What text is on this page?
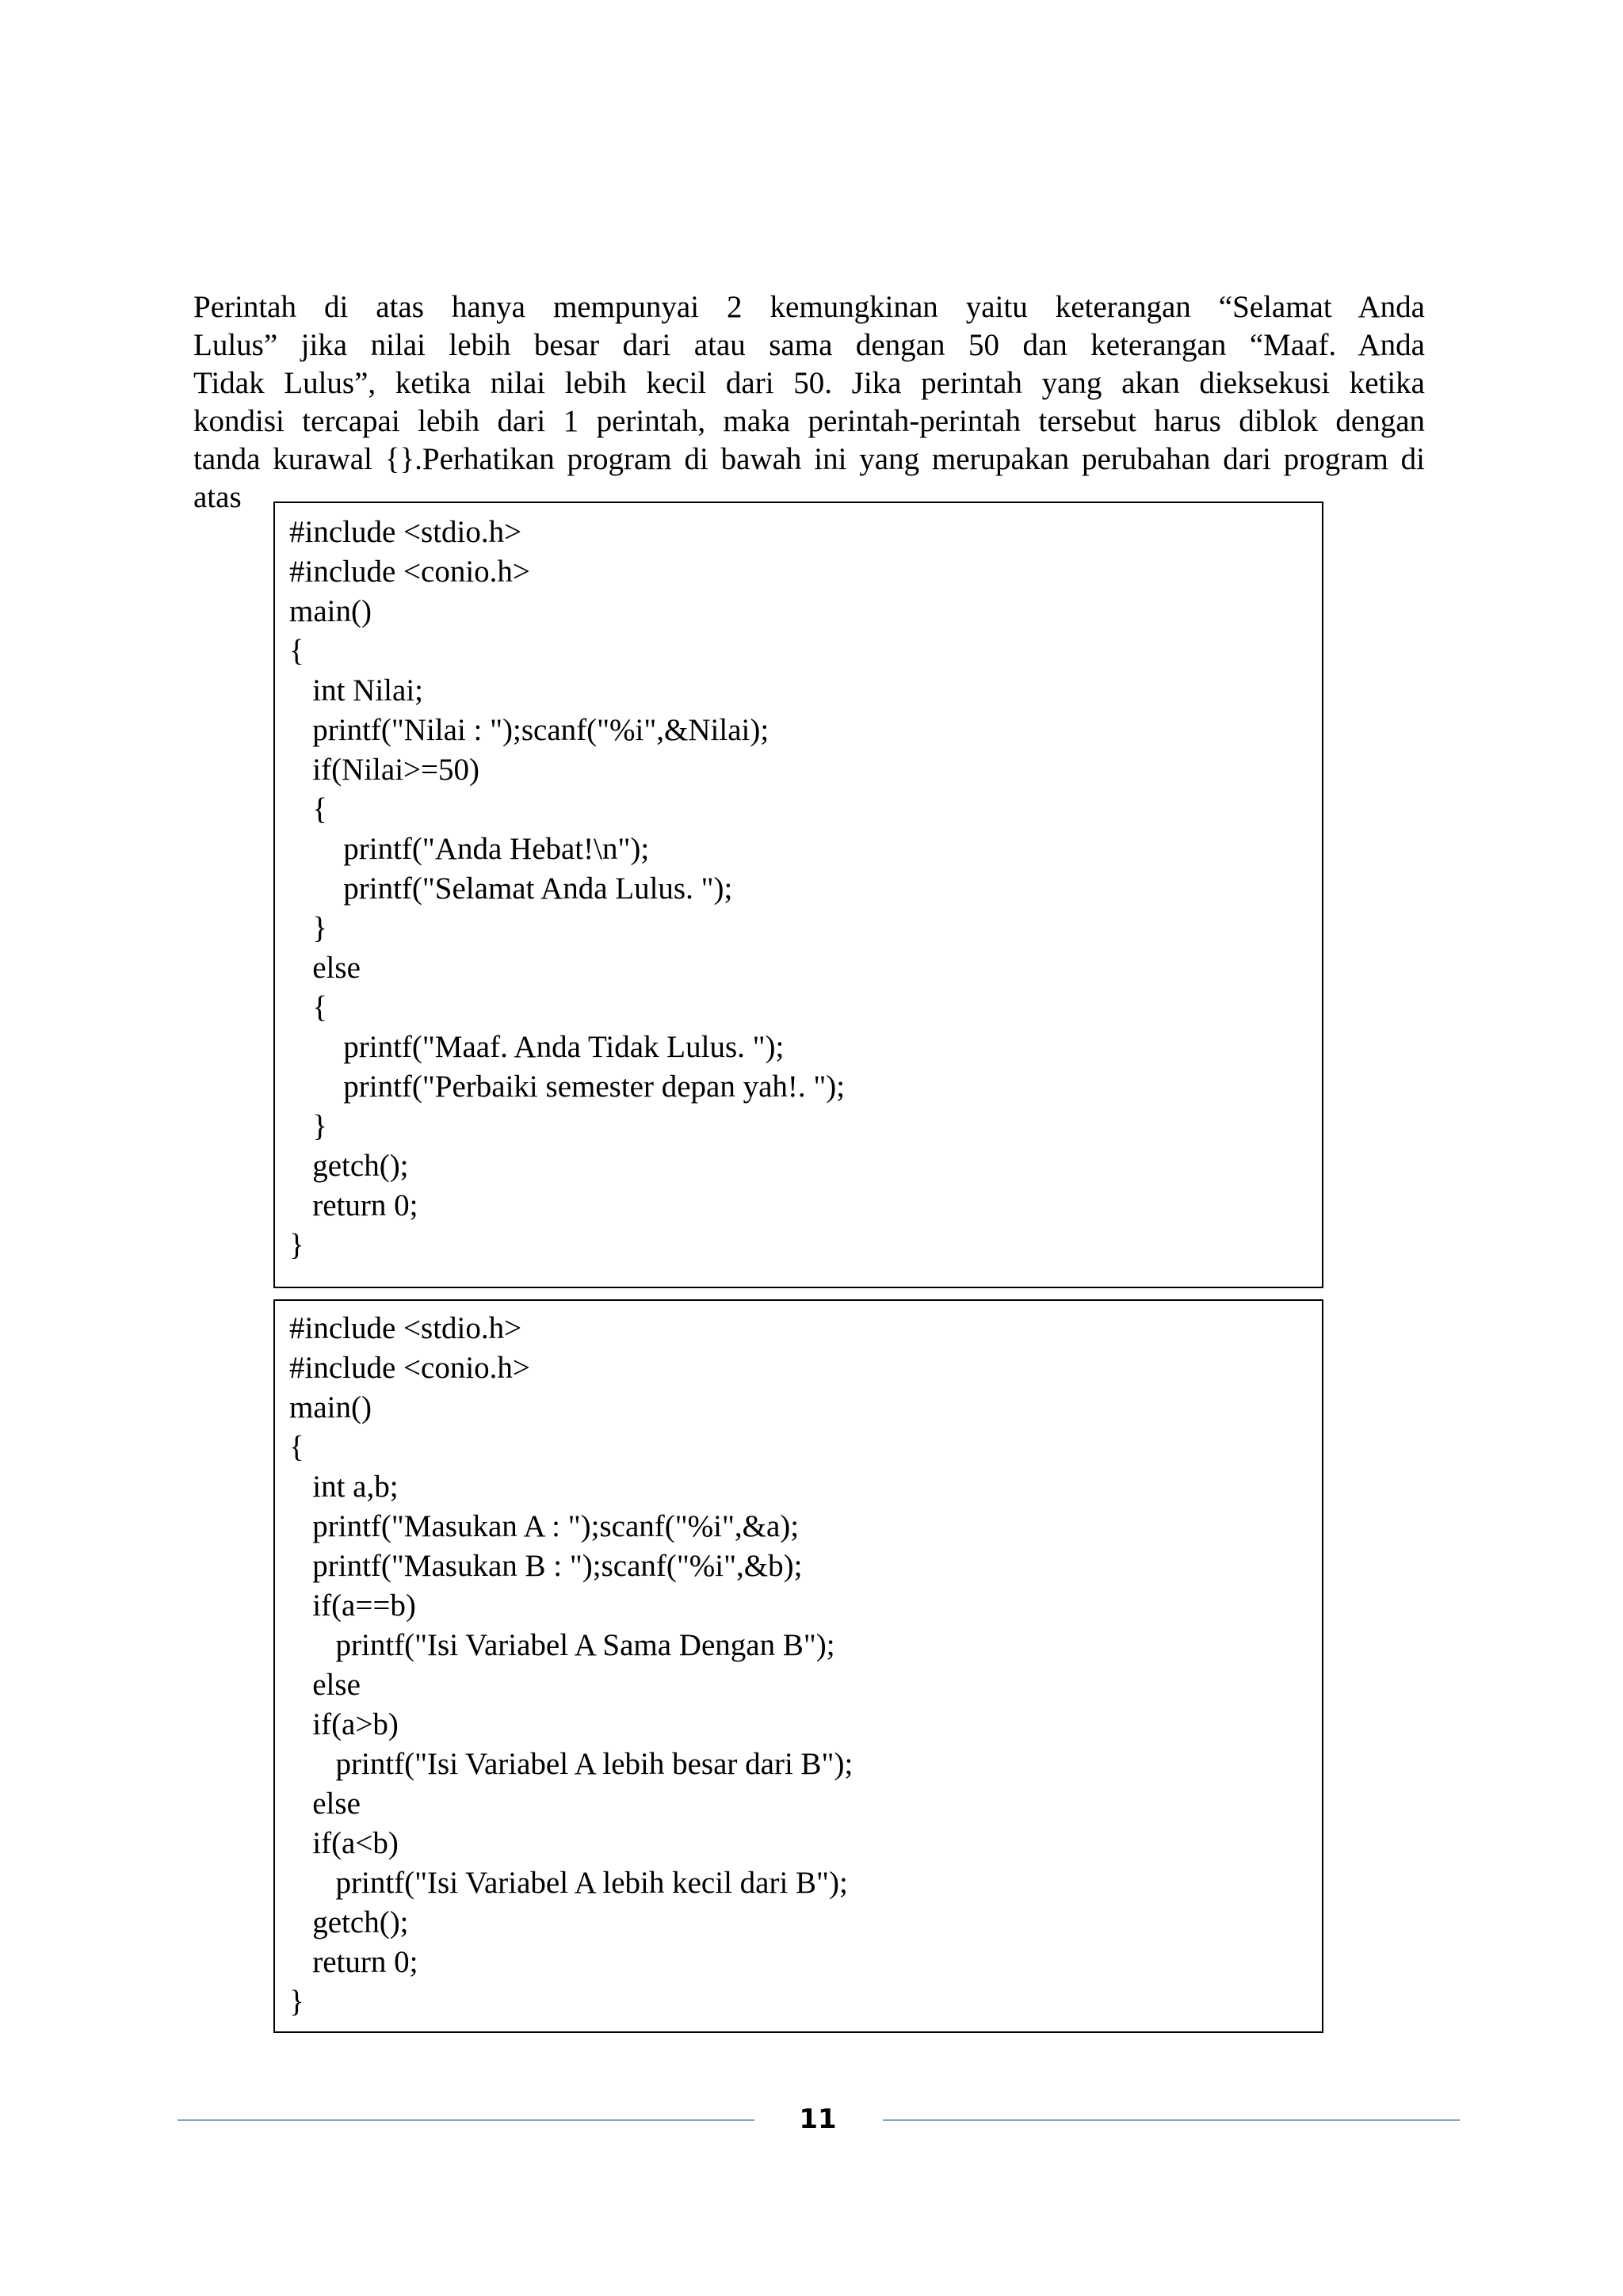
Perintah di atas hanya mempunyai 2 kemungkinan yaitu keterangan “Selamat Anda
Lulus” jika nilai lebih besar dari atau sama dengan 50 dan keterangan “Maaf. Anda
Tidak Lulus”, ketika nilai lebih kecil dari 50. Jika perintah yang akan dieksekusi ketika
kondisi tercapai lebih dari 1 perintah, maka perintah-perintah tersebut harus diblok dengan
tanda kurawal {}.Perhatikan program di bawah ini yang merupakan perubahan dari program di
atas
#include <stdio.h>
#include <conio.h>
main()
{
int Nilai;
printf("Nilai : ");scanf("%i",&Nilai);
if(Nilai>=50)
{
printf("Anda Hebat!\n");
printf("Selamat Anda Lulus. ");
}
else
{
printf("Maaf. Anda Tidak Lulus. ");
printf("Perbaiki semester depan yah!. ");
}
getch();
return 0;
}
#include <stdio.h>
#include <conio.h>
main()
{
int a,b;
printf("Masukan A : ");scanf("%i",&a);
printf("Masukan B : ");scanf("%i",&b);
if(a==b)
printf("Isi Variabel A Sama Dengan B");
else
if(a>b)
printf("Isi Variabel A lebih besar dari B");
else
if(a<b)
printf("Isi Variabel A lebih kecil dari B");
getch();
return 0;
}
11
